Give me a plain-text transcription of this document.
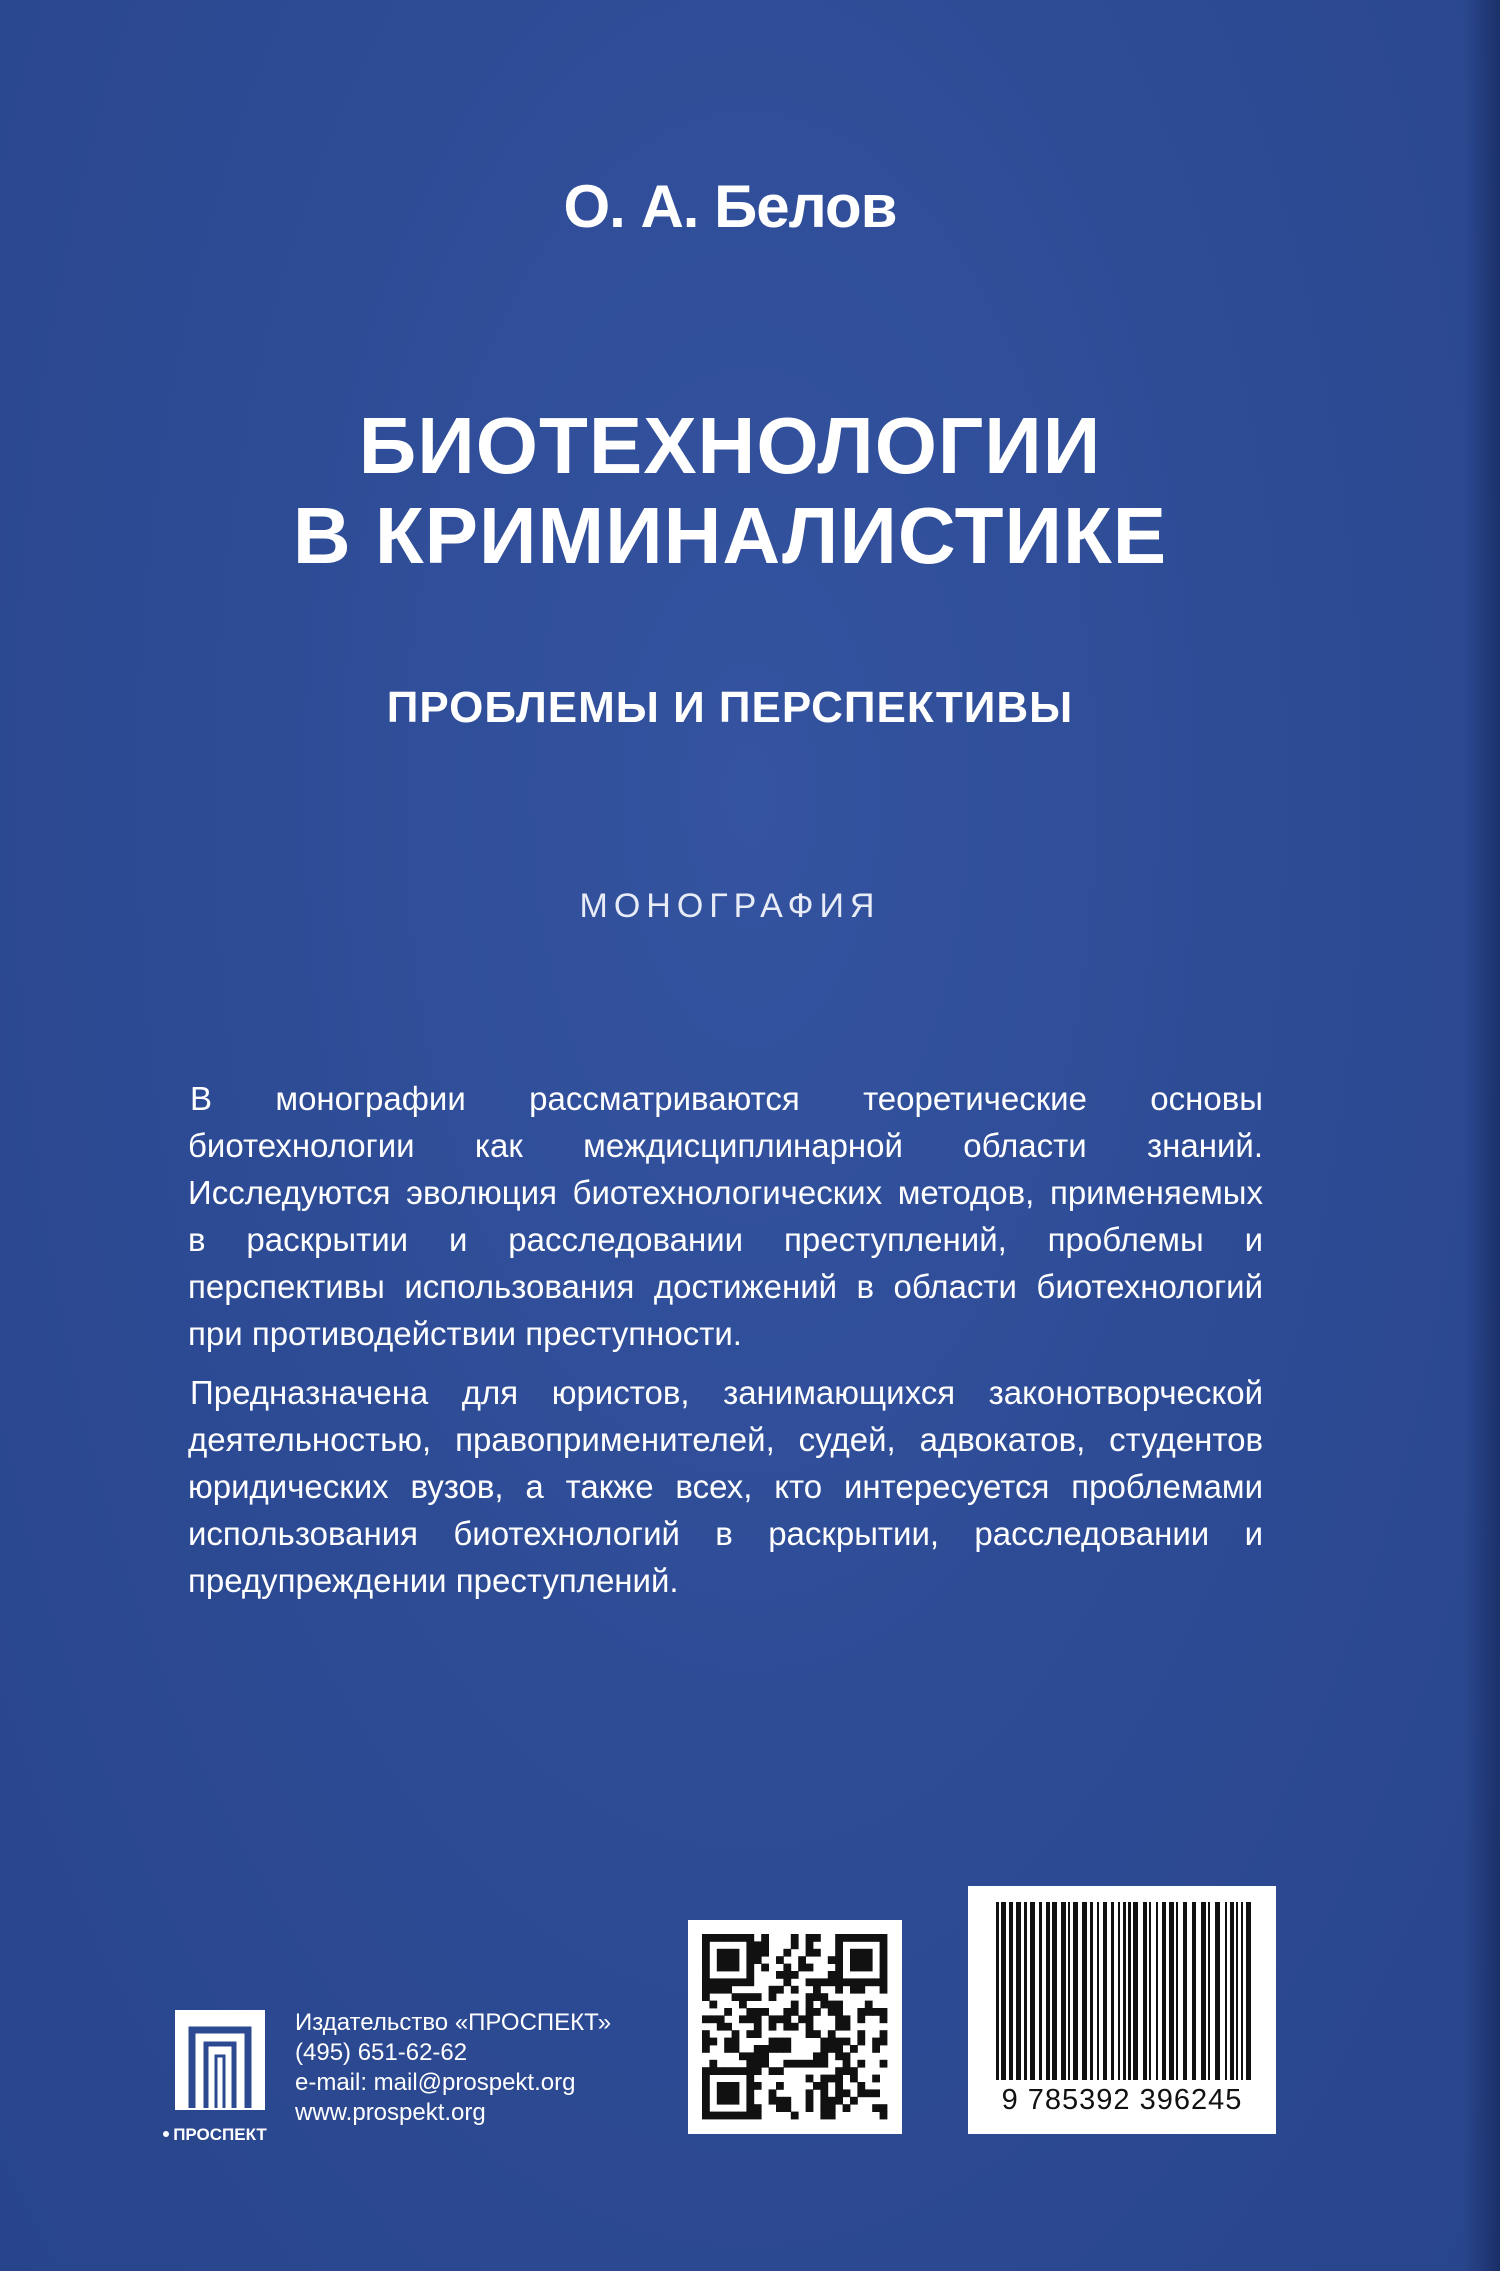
О. А. Белов
БИОТЕХНОЛОГИИ
В КРИМИНАЛИСТИКЕ
ПРОБЛЕМЫ И ПЕРСПЕКТИВЫ
МОНОГРАФИЯ

В монографии рассматриваются теоретические основы биотехнологии как междисциплинарной области знаний. Исследуются эволюция биотехнологических методов, применяемых в раскрытии и расследовании преступлений, проблемы и перспективы использования достижений в области биотехнологий при противодействии преступности.

Предназначена для юристов, занимающихся законотворческой деятельностью, правоприменителей, судей, адвокатов, студентов юридических вузов, а также всех, кто интересуется проблемами использования биотехнологий в раскрытии, расследовании и предупреждении преступлений.

ПРОСПЕКТ
Издательство «ПРОСПЕКТ»
(495) 651-62-62
e-mail: mail@prospekt.org
www.prospekt.org	9 785392 396245
